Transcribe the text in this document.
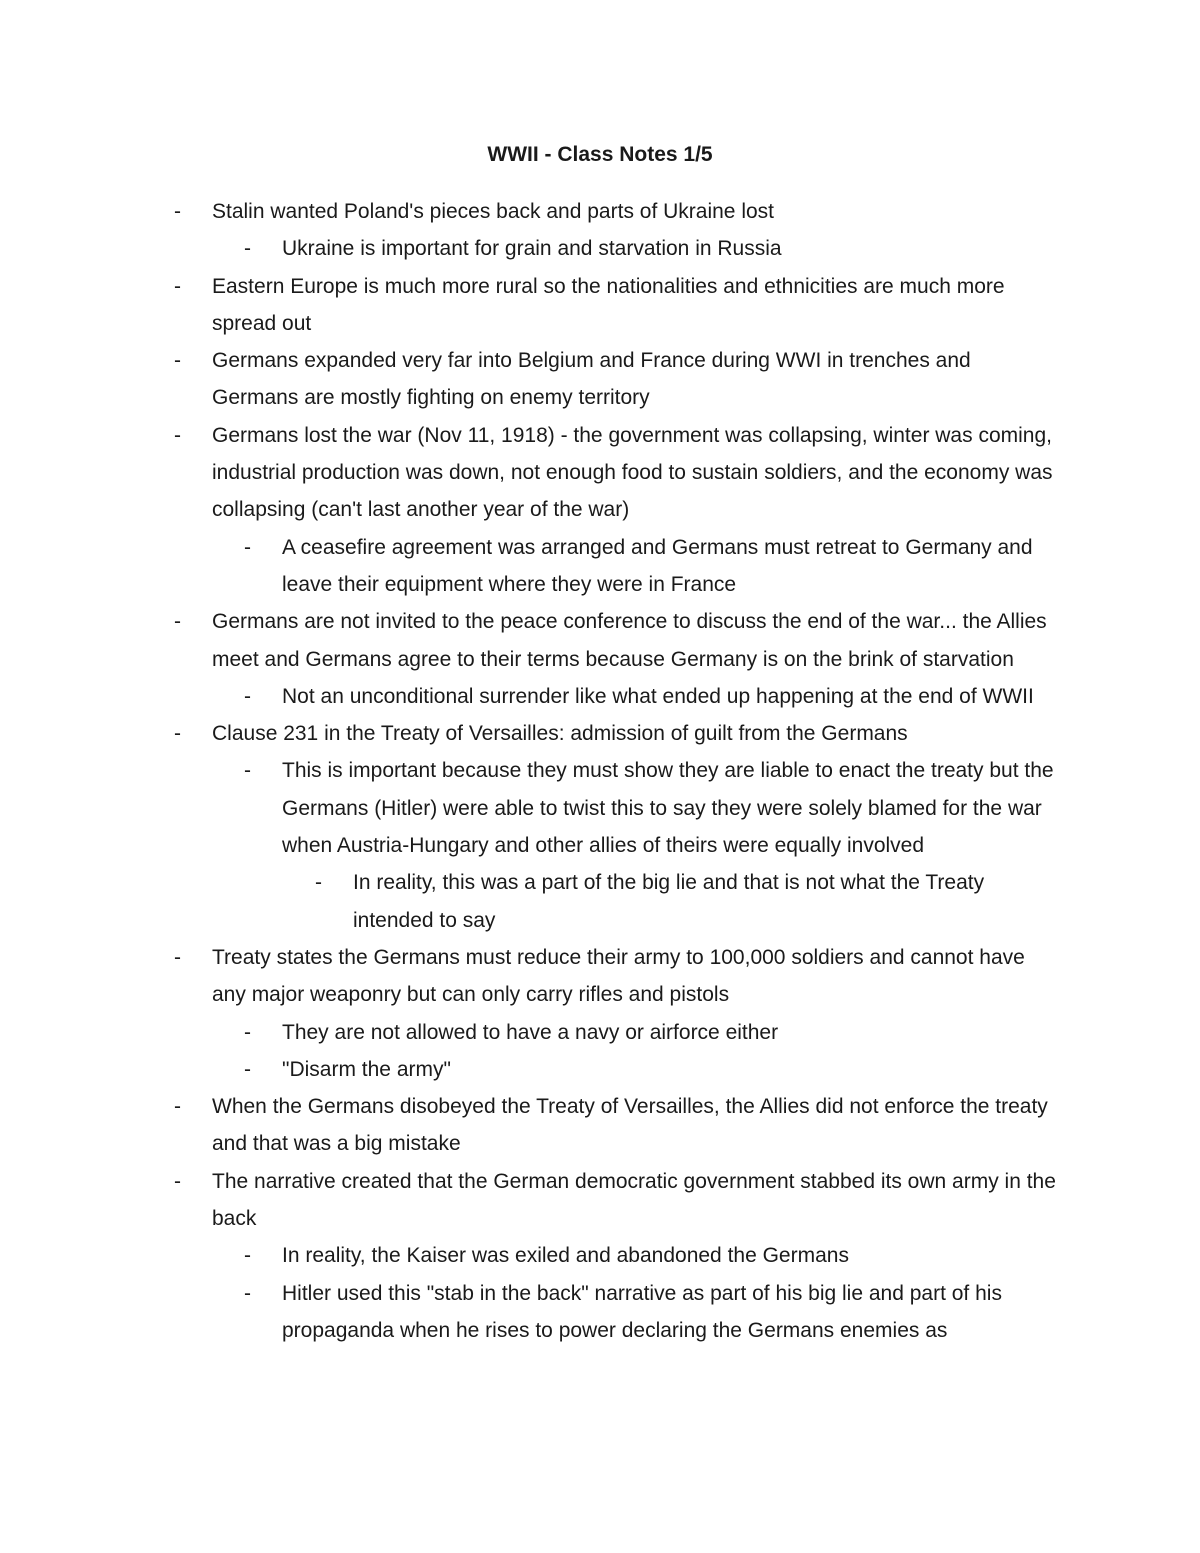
WWII - Class Notes 1/5
-	Stalin wanted Poland's pieces back and parts of Ukraine lost
-	Ukraine is important for grain and starvation in Russia
-	Eastern Europe is much more rural so the nationalities and ethnicities are much more spread out
-	Germans expanded very far into Belgium and France during WWI in trenches and Germans are mostly fighting on enemy territory
-	Germans lost the war (Nov 11, 1918) - the government was collapsing, winter was coming, industrial production was down, not enough food to sustain soldiers, and the economy was collapsing (can't last another year of the war)
-	A ceasefire agreement was arranged and Germans must retreat to Germany and leave their equipment where they were in France
-	Germans are not invited to the peace conference to discuss the end of the war... the Allies meet and Germans agree to their terms because Germany is on the brink of starvation
-	Not an unconditional surrender like what ended up happening at the end of WWII
-	Clause 231 in the Treaty of Versailles: admission of guilt from the Germans
-	This is important because they must show they are liable to enact the treaty but the Germans (Hitler) were able to twist this to say they were solely blamed for the war when Austria-Hungary and other allies of theirs were equally involved
-	In reality, this was a part of the big lie and that is not what the Treaty intended to say
-	Treaty states the Germans must reduce their army to 100,000 soldiers and cannot have any major weaponry but can only carry rifles and pistols
-	They are not allowed to have a navy or airforce either
-	"Disarm the army"
-	When the Germans disobeyed the Treaty of Versailles, the Allies did not enforce the treaty and that was a big mistake
-	The narrative created that the German democratic government stabbed its own army in the back
-	In reality, the Kaiser was exiled and abandoned the Germans
-	Hitler used this "stab in the back" narrative as part of his big lie and part of his propaganda when he rises to power declaring the Germans enemies as
